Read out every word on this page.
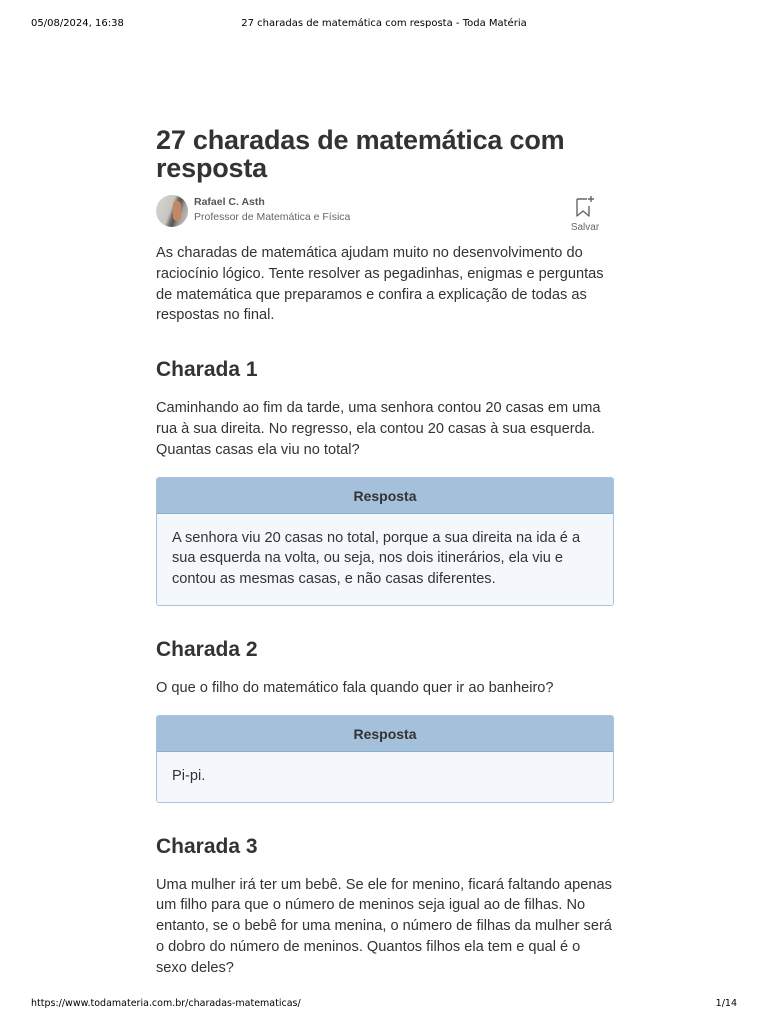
05/08/2024, 16:38	27 charadas de matemática com resposta - Toda Matéria
27 charadas de matemática com resposta
Rafael C. Asth
Professor de Matemática e Física
Salvar

As charadas de matemática ajudam muito no desenvolvimento do raciocínio lógico. Tente resolver as pegadinhas, enigmas e perguntas de matemática que preparamos e confira a explicação de todas as respostas no final.

Charada 1

Caminhando ao fim da tarde, uma senhora contou 20 casas em uma rua à sua direita. No regresso, ela contou 20 casas à sua esquerda. Quantas casas ela viu no total?

Resposta

A senhora viu 20 casas no total, porque a sua direita na ida é a sua esquerda na volta, ou seja, nos dois itinerários, ela viu e contou as mesmas casas, e não casas diferentes.

Charada 2

O que o filho do matemático fala quando quer ir ao banheiro?

Resposta

Pi-pi.

Charada 3

Uma mulher irá ter um bebê. Se ele for menino, ficará faltando apenas um filho para que o número de meninos seja igual ao de filhas. No entanto, se o bebê for uma menina, o número de filhas da mulher será o dobro do número de meninos. Quantos filhos ela tem e qual é o sexo deles?

https://www.todamateria.com.br/charadas-matematicas/	1/14
